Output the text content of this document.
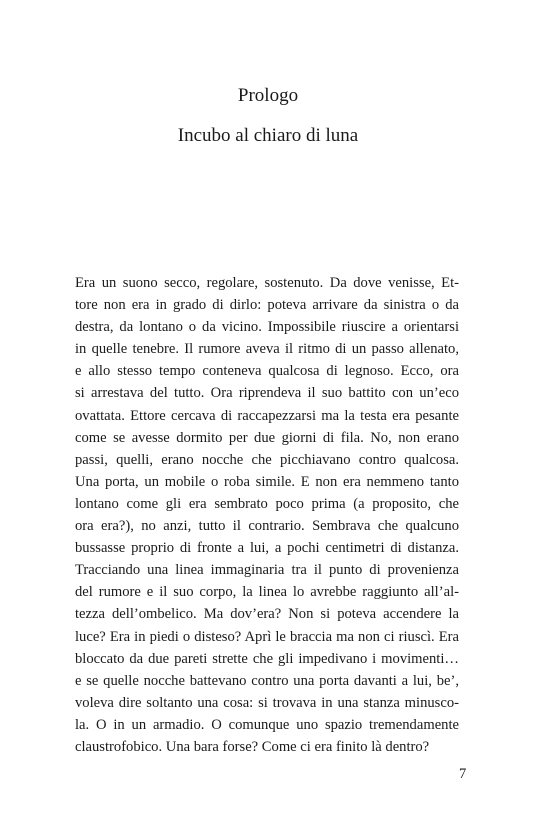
Prologo
Incubo al chiaro di luna

Era un suono secco, regolare, sostenuto. Da dove venisse, Et-
tore non era in grado di dirlo: poteva arrivare da sinistra o da
destra, da lontano o da vicino. Impossibile riuscire a orientarsi
in quelle tenebre. Il rumore aveva il ritmo di un passo allenato,
e allo stesso tempo conteneva qualcosa di legnoso. Ecco, ora
si arrestava del tutto. Ora riprendeva il suo battito con un’eco
ovattata. Ettore cercava di raccapezzarsi ma la testa era pesante
come se avesse dormito per due giorni di fila. No, non erano
passi, quelli, erano nocche che picchiavano contro qualcosa.
Una porta, un mobile o roba simile. E non era nemmeno tanto
lontano come gli era sembrato poco prima (a proposito, che
ora era?), no anzi, tutto il contrario. Sembrava che qualcuno
bussasse proprio di fronte a lui, a pochi centimetri di distanza.
Tracciando una linea immaginaria tra il punto di provenienza
del rumore e il suo corpo, la linea lo avrebbe raggiunto all’al-
tezza dell’ombelico. Ma dov’era? Non si poteva accendere la
luce? Era in piedi o disteso? Aprì le braccia ma non ci riuscì. Era
bloccato da due pareti strette che gli impedivano i movimenti…
e se quelle nocche battevano contro una porta davanti a lui, be’,
voleva dire soltanto una cosa: si trovava in una stanza minusco-
la. O in un armadio. O comunque uno spazio tremendamente
claustrofobico. Una bara forse? Come ci era finito là dentro?

7
